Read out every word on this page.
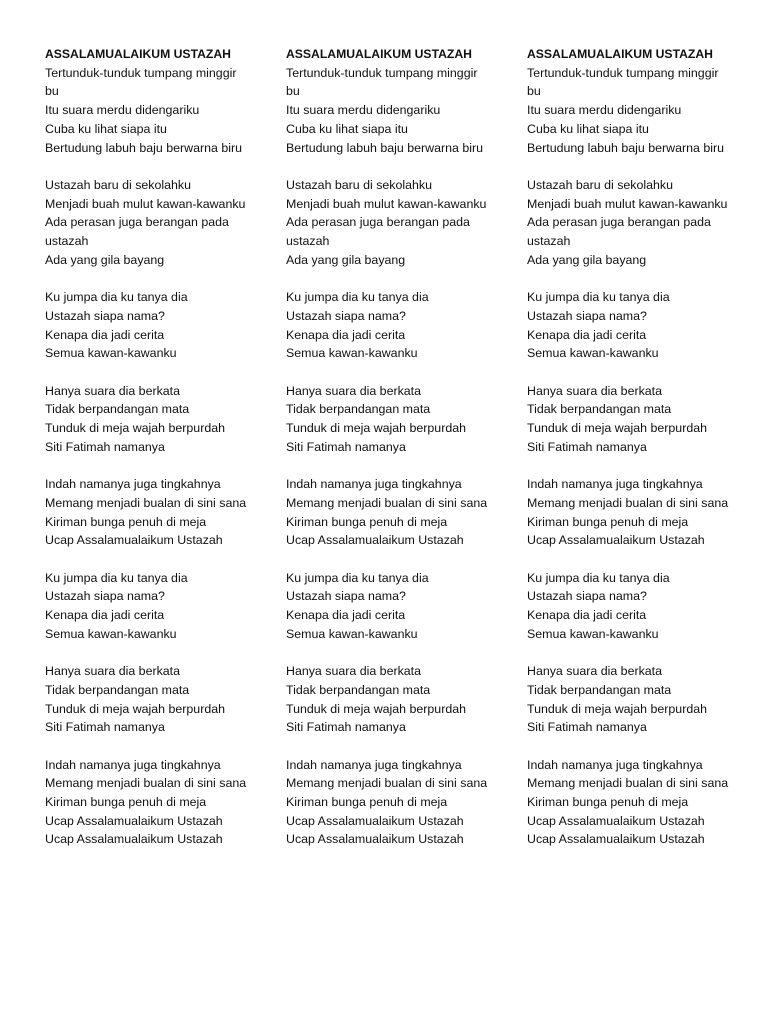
ASSALAMUALAIKUM USTAZAH
Tertunduk-tunduk tumpang minggir bu
Itu suara merdu didengariku
Cuba ku lihat siapa itu
Bertudung labuh baju berwarna biru
Ustazah baru di sekolahku
Menjadi buah mulut kawan-kawanku
Ada perasan juga berangan pada ustazah
Ada yang gila bayang
Ku jumpa dia ku tanya dia
Ustazah siapa nama?
Kenapa dia jadi cerita
Semua kawan-kawanku
Hanya suara dia berkata
Tidak berpandangan mata
Tunduk di meja wajah berpurdah
Siti Fatimah namanya
Indah namanya juga tingkahnya
Memang menjadi bualan di sini sana
Kiriman bunga penuh di meja
Ucap Assalamualaikum Ustazah
Ku jumpa dia ku tanya dia
Ustazah siapa nama?
Kenapa dia jadi cerita
Semua kawan-kawanku
Hanya suara dia berkata
Tidak berpandangan mata
Tunduk di meja wajah berpurdah
Siti Fatimah namanya
Indah namanya juga tingkahnya
Memang menjadi bualan di sini sana
Kiriman bunga penuh di meja
Ucap Assalamualaikum Ustazah
Ucap Assalamualaikum Ustazah
ASSALAMUALAIKUM USTAZAH
Tertunduk-tunduk tumpang minggir bu
Itu suara merdu didengariku
Cuba ku lihat siapa itu
Bertudung labuh baju berwarna biru
Ustazah baru di sekolahku
Menjadi buah mulut kawan-kawanku
Ada perasan juga berangan pada ustazah
Ada yang gila bayang
Ku jumpa dia ku tanya dia
Ustazah siapa nama?
Kenapa dia jadi cerita
Semua kawan-kawanku
Hanya suara dia berkata
Tidak berpandangan mata
Tunduk di meja wajah berpurdah
Siti Fatimah namanya
Indah namanya juga tingkahnya
Memang menjadi bualan di sini sana
Kiriman bunga penuh di meja
Ucap Assalamualaikum Ustazah
Ku jumpa dia ku tanya dia
Ustazah siapa nama?
Kenapa dia jadi cerita
Semua kawan-kawanku
Hanya suara dia berkata
Tidak berpandangan mata
Tunduk di meja wajah berpurdah
Siti Fatimah namanya
Indah namanya juga tingkahnya
Memang menjadi bualan di sini sana
Kiriman bunga penuh di meja
Ucap Assalamualaikum Ustazah
Ucap Assalamualaikum Ustazah
ASSALAMUALAIKUM USTAZAH
Tertunduk-tunduk tumpang minggir bu
Itu suara merdu didengariku
Cuba ku lihat siapa itu
Bertudung labuh baju berwarna biru
Ustazah baru di sekolahku
Menjadi buah mulut kawan-kawanku
Ada perasan juga berangan pada ustazah
Ada yang gila bayang
Ku jumpa dia ku tanya dia
Ustazah siapa nama?
Kenapa dia jadi cerita
Semua kawan-kawanku
Hanya suara dia berkata
Tidak berpandangan mata
Tunduk di meja wajah berpurdah
Siti Fatimah namanya
Indah namanya juga tingkahnya
Memang menjadi bualan di sini sana
Kiriman bunga penuh di meja
Ucap Assalamualaikum Ustazah
Ku jumpa dia ku tanya dia
Ustazah siapa nama?
Kenapa dia jadi cerita
Semua kawan-kawanku
Hanya suara dia berkata
Tidak berpandangan mata
Tunduk di meja wajah berpurdah
Siti Fatimah namanya
Indah namanya juga tingkahnya
Memang menjadi bualan di sini sana
Kiriman bunga penuh di meja
Ucap Assalamualaikum Ustazah
Ucap Assalamualaikum Ustazah
